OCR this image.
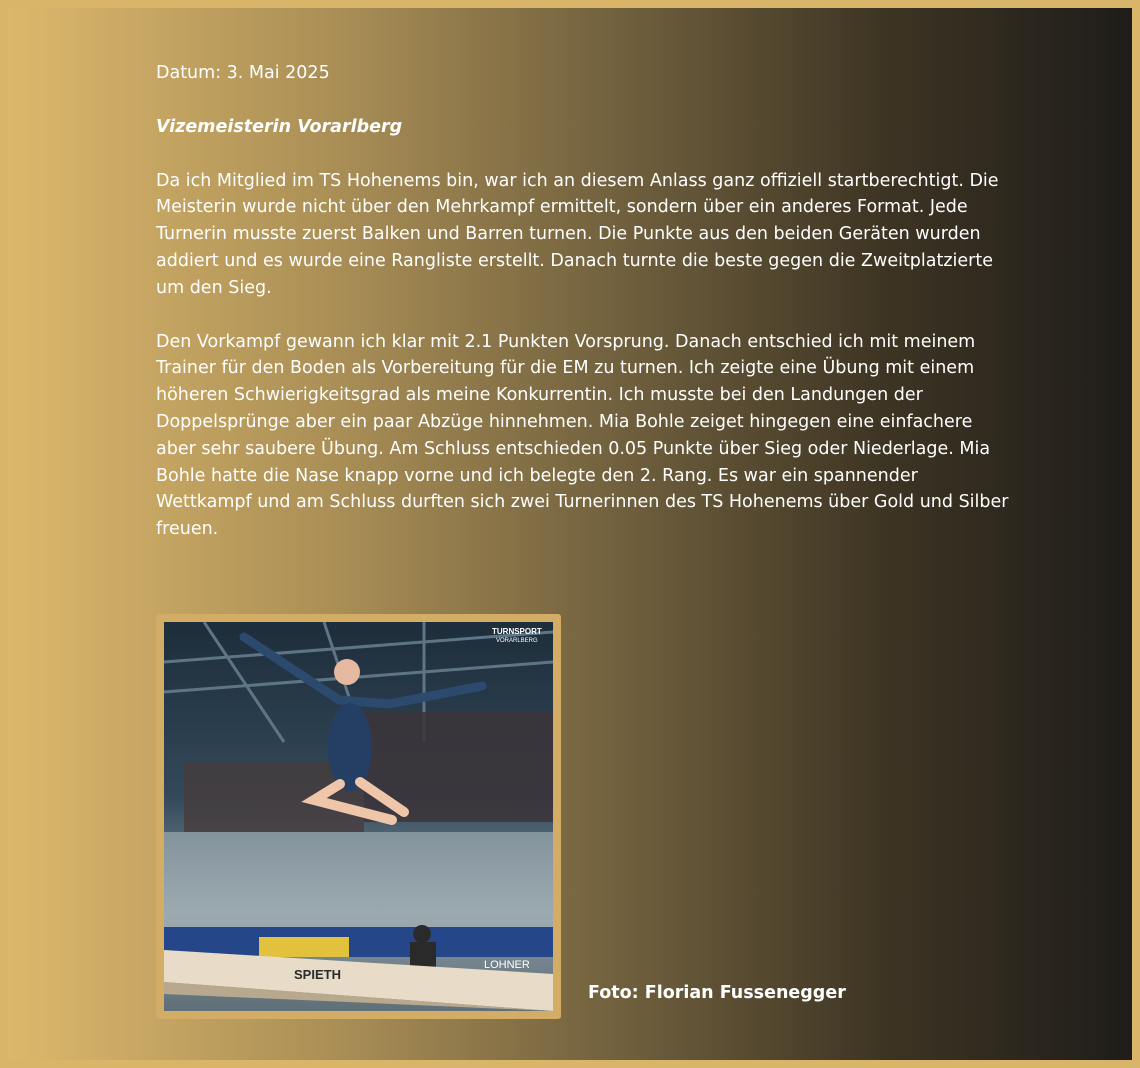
Datum: 3. Mai 2025

Vizemeisterin Vorarlberg

Da ich Mitglied im TS Hohenems bin, war ich an diesem Anlass ganz offiziell startberechtigt. Die Meisterin wurde nicht über den Mehrkampf ermittelt, sondern über ein anderes Format. Jede Turnerin musste zuerst Balken und Barren turnen. Die Punkte aus den beiden Geräten wurden addiert und es wurde eine Rangliste erstellt. Danach turnte die beste gegen die Zweitplatzierte um den Sieg.

Den Vorkampf gewann ich klar mit 2.1 Punkten Vorsprung. Danach entschied ich mit meinem Trainer für den Boden als Vorbereitung für die EM zu turnen. Ich zeigte eine Übung mit einem höheren Schwierigkeitsgrad als meine Konkurrentin. Ich musste bei den Landungen der Doppelsprünge aber ein paar Abzüge hinnehmen. Mia Bohle zeiget hingegen eine einfachere aber sehr saubere Übung. Am Schluss entschieden 0.05 Punkte über Sieg oder Niederlage. Mia Bohle hatte die Nase knapp vorne und ich belegte den 2. Rang. Es war ein spannender Wettkampf und am Schluss durften sich zwei Turnerinnen des TS Hohenems über Gold und Silber freuen.

LOHNER
SPIETH
TURNSPORT
VORARLBERG
Foto: Florian Fussenegger
